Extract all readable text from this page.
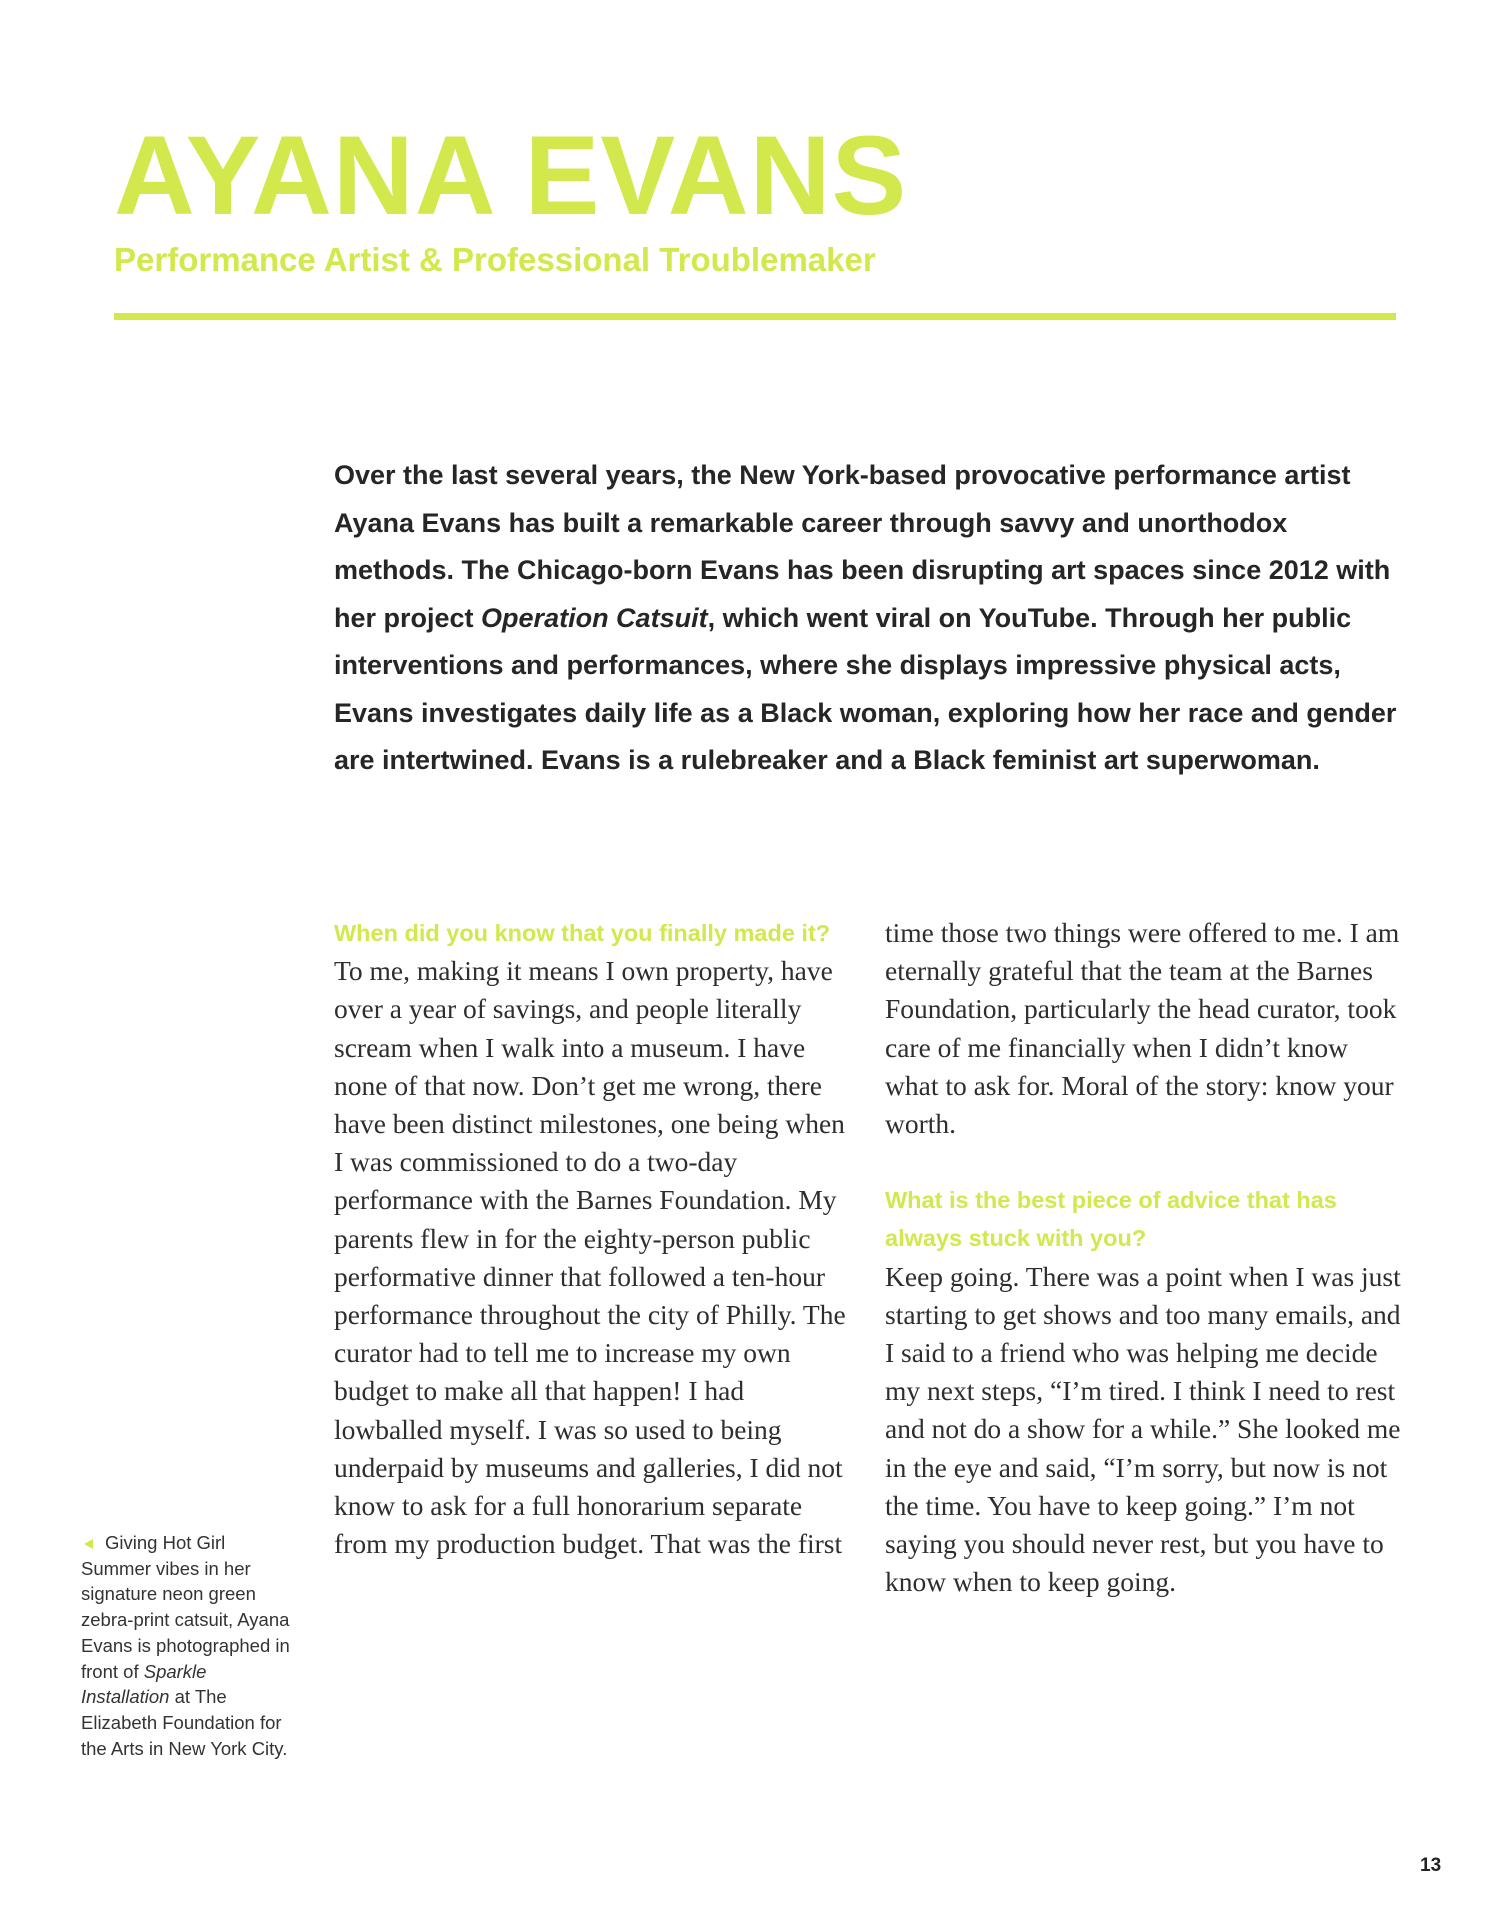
AYANA EVANS
Performance Artist & Professional Troublemaker

Over the last several years, the New York-based provocative performance artist Ayana Evans has built a remarkable career through savvy and unorthodox methods. The Chicago-born Evans has been disrupting art spaces since 2012 with her project Operation Catsuit, which went viral on YouTube. Through her public interventions and performances, where she displays impressive physical acts, Evans investigates daily life as a Black woman, exploring how her race and gender are intertwined. Evans is a rulebreaker and a Black feminist art superwoman.

When did you know that you finally made it?

To me, making it means I own property, have over a year of savings, and people literally scream when I walk into a museum. I have none of that now. Don’t get me wrong, there have been distinct milestones, one being when I was commissioned to do a two-day performance with the Barnes Foundation. My parents flew in for the eighty-person public performative dinner that followed a ten-hour performance throughout the city of Philly. The curator had to tell me to increase my own budget to make all that happen! I had lowballed myself. I was so used to being underpaid by museums and galleries, I did not know to ask for a full honorarium separate from my production budget. That was the first

time those two things were offered to me. I am eternally grateful that the team at the Barnes Foundation, particularly the head curator, took care of me financially when I didn’t know what to ask for. Moral of the story: know your worth.

What is the best piece of advice that has always stuck with you?

Keep going. There was a point when I was just starting to get shows and too many emails, and I said to a friend who was helping me decide my next steps, “I’m tired. I think I need to rest and not do a show for a while.” She looked me in the eye and said, “I’m sorry, but now is not the time. You have to keep going.” I’m not saying you should never rest, but you have to know when to keep going.

Giving Hot Girl Summer vibes in her signature neon green zebra-print catsuit, Ayana Evans is photographed in front of Sparkle Installation at The Elizabeth Foundation for the Arts in New York City.

13
